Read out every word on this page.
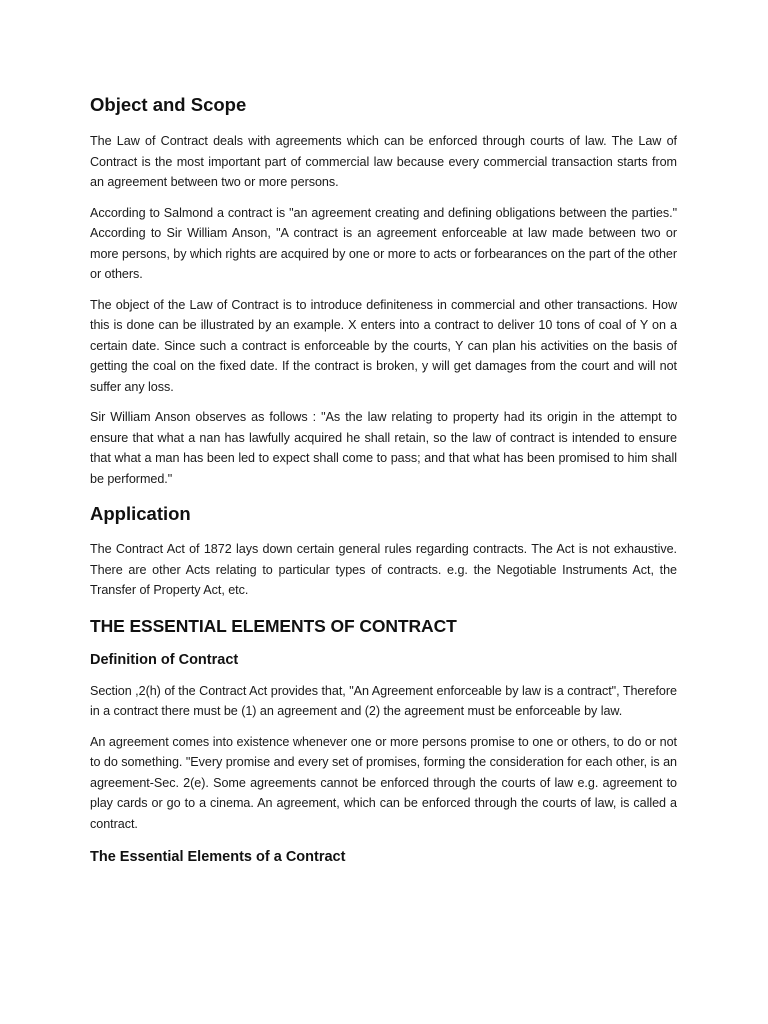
Object and Scope

The Law of Contract deals with agreements which can be enforced through courts of law. The Law of Contract is the most important part of commercial law because every commercial transaction starts from an agreement between two or more persons.

According to Salmond a contract is "an agreement creating and defining obligations between the parties." According to Sir William Anson, "A contract is an agreement enforceable at law made between two or more persons, by which rights are acquired by one or more to acts or forbearances on the part of the other or others.

The object of the Law of Contract is to introduce definiteness in commercial and other transactions. How this is done can be illustrated by an example. X enters into a contract to deliver 10 tons of coal of Y on a certain date. Since such a contract is enforceable by the courts, Y can plan his activities on the basis of getting the coal on the fixed date. If the contract is broken, y will get damages from the court and will not suffer any loss.

Sir William Anson observes as follows : "As the law relating to property had its origin in the attempt to ensure that what a nan has lawfully acquired he shall retain, so the law of contract is intended to ensure that what a man has been led to expect shall come to pass; and that what has been promised to him shall be performed."

Application

The Contract Act of 1872 lays down certain general rules regarding contracts. The Act is not exhaustive. There are other Acts relating to particular types of contracts. e.g. the Negotiable Instruments Act, the Transfer of Property Act, etc.

THE ESSENTIAL ELEMENTS OF CONTRACT
Definition of Contract

Section ,2(h) of the Contract Act provides that, "An Agreement enforceable by law is a contract", Therefore in a contract there must be (1) an agreement and (2) the agreement must be enforceable by law.

An agreement comes into existence whenever one or more persons promise to one or others, to do or not to do something. "Every promise and every set of promises, forming the consideration for each other, is an agreement-Sec. 2(e). Some agreements cannot be enforced through the courts of law e.g. agreement to play cards or go to a cinema. An agreement, which can be enforced through the courts of law, is called a contract.

The Essential Elements of a Contract
